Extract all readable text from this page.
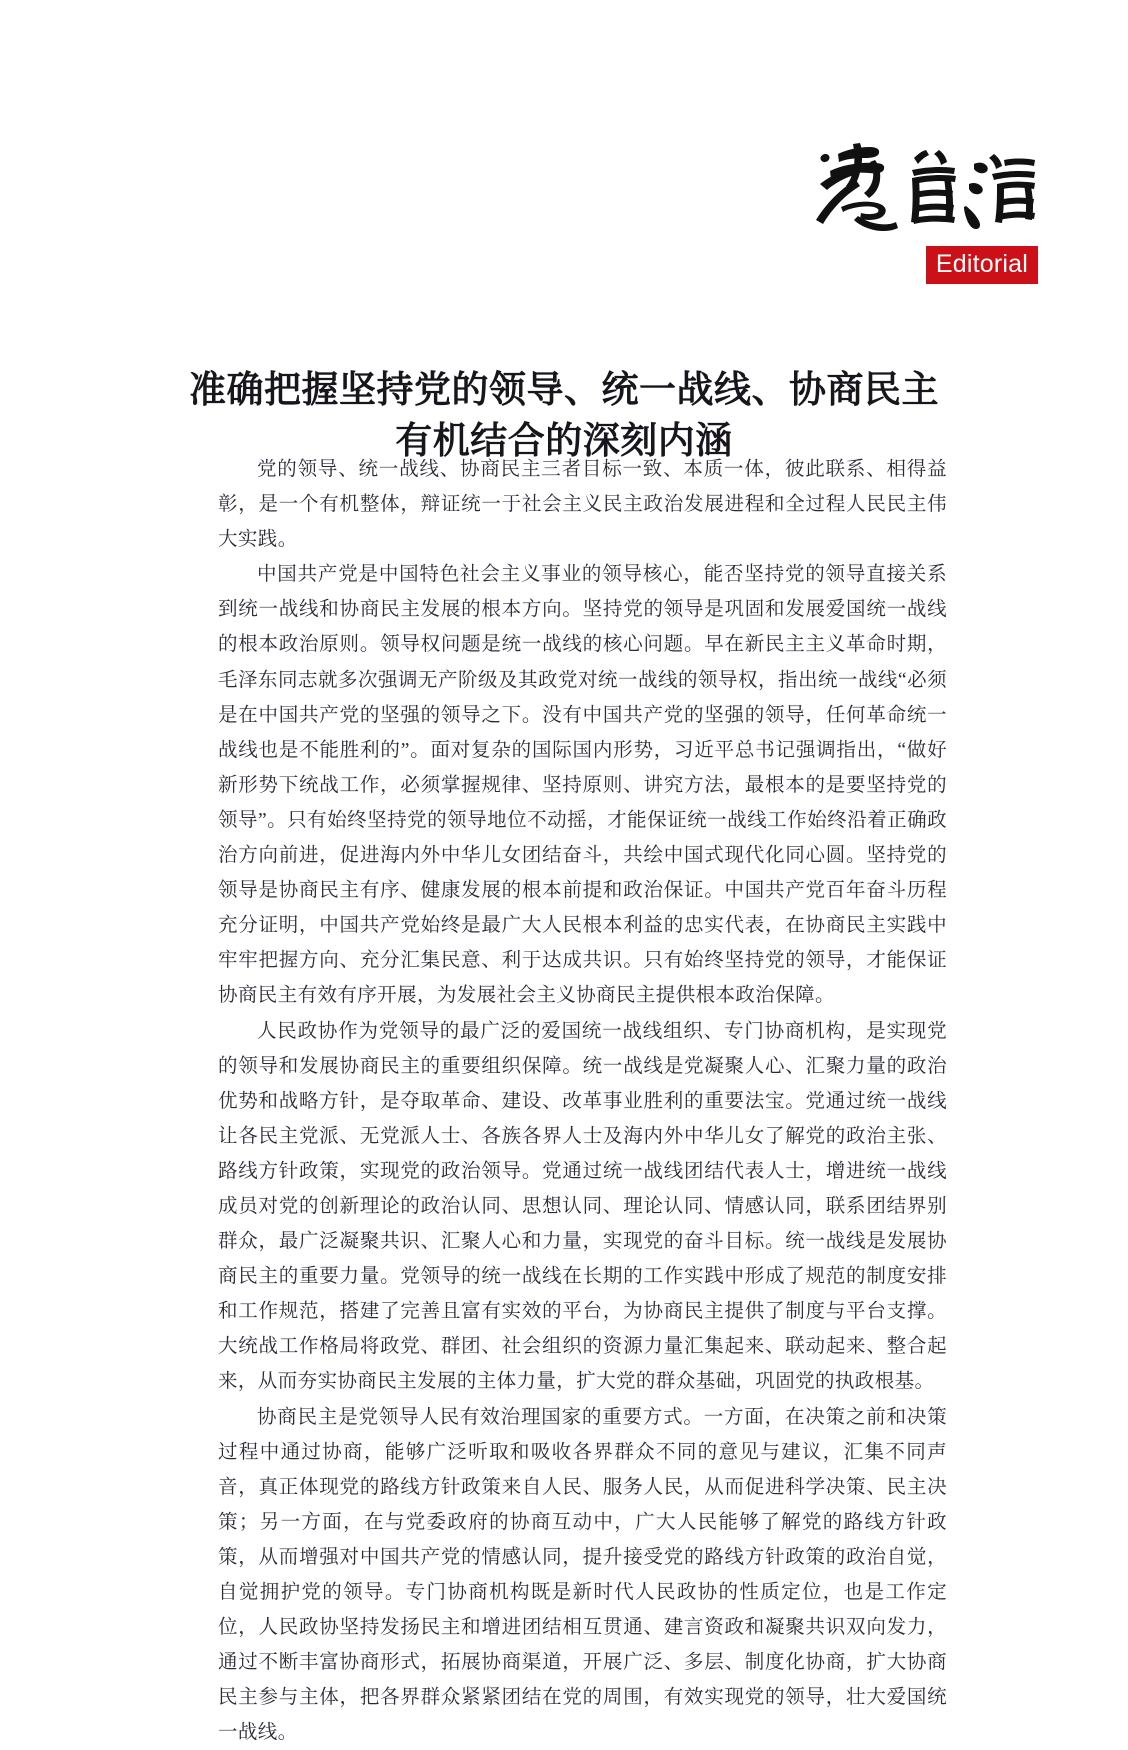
Editorial
准确把握坚持党的领导、统一战线、协商民主
有机结合的深刻内涵

党的领导、统一战线、协商民主三者目标一致、本质一体，彼此联系、相得益彰，是一个有机整体，辩证统一于社会主义民主政治发展进程和全过程人民民主伟大实践。

中国共产党是中国特色社会主义事业的领导核心，能否坚持党的领导直接关系到统一战线和协商民主发展的根本方向。坚持党的领导是巩固和发展爱国统一战线的根本政治原则。领导权问题是统一战线的核心问题。早在新民主主义革命时期，毛泽东同志就多次强调无产阶级及其政党对统一战线的领导权，指出统一战线“必须是在中国共产党的坚强的领导之下。没有中国共产党的坚强的领导，任何革命统一战线也是不能胜利的”。面对复杂的国际国内形势，习近平总书记强调指出，“做好新形势下统战工作，必须掌握规律、坚持原则、讲究方法，最根本的是要坚持党的领导”。只有始终坚持党的领导地位不动摇，才能保证统一战线工作始终沿着正确政治方向前进，促进海内外中华儿女团结奋斗，共绘中国式现代化同心圆。坚持党的领导是协商民主有序、健康发展的根本前提和政治保证。中国共产党百年奋斗历程充分证明，中国共产党始终是最广大人民根本利益的忠实代表，在协商民主实践中牢牢把握方向、充分汇集民意、利于达成共识。只有始终坚持党的领导，才能保证协商民主有效有序开展，为发展社会主义协商民主提供根本政治保障。

人民政协作为党领导的最广泛的爱国统一战线组织、专门协商机构，是实现党的领导和发展协商民主的重要组织保障。统一战线是党凝聚人心、汇聚力量的政治优势和战略方针，是夺取革命、建设、改革事业胜利的重要法宝。党通过统一战线让各民主党派、无党派人士、各族各界人士及海内外中华儿女了解党的政治主张、路线方针政策，实现党的政治领导。党通过统一战线团结代表人士，增进统一战线成员对党的创新理论的政治认同、思想认同、理论认同、情感认同，联系团结界别群众，最广泛凝聚共识、汇聚人心和力量，实现党的奋斗目标。统一战线是发展协商民主的重要力量。党领导的统一战线在长期的工作实践中形成了规范的制度安排和工作规范，搭建了完善且富有实效的平台，为协商民主提供了制度与平台支撑。大统战工作格局将政党、群团、社会组织的资源力量汇集起来、联动起来、整合起来，从而夯实协商民主发展的主体力量，扩大党的群众基础，巩固党的执政根基。

协商民主是党领导人民有效治理国家的重要方式。一方面，在决策之前和决策过程中通过协商，能够广泛听取和吸收各界群众不同的意见与建议，汇集不同声音，真正体现党的路线方针政策来自人民、服务人民，从而促进科学决策、民主决策；另一方面，在与党委政府的协商互动中，广大人民能够了解党的路线方针政策，从而增强对中国共产党的情感认同，提升接受党的路线方针政策的政治自觉，自觉拥护党的领导。专门协商机构既是新时代人民政协的性质定位，也是工作定位，人民政协坚持发扬民主和增进团结相互贯通、建言资政和凝聚共识双向发力，通过不断丰富协商形式，拓展协商渠道，开展广泛、多层、制度化协商，扩大协商民主参与主体，把各界群众紧紧团结在党的周围，有效实现党的领导，壮大爱国统一战线。
